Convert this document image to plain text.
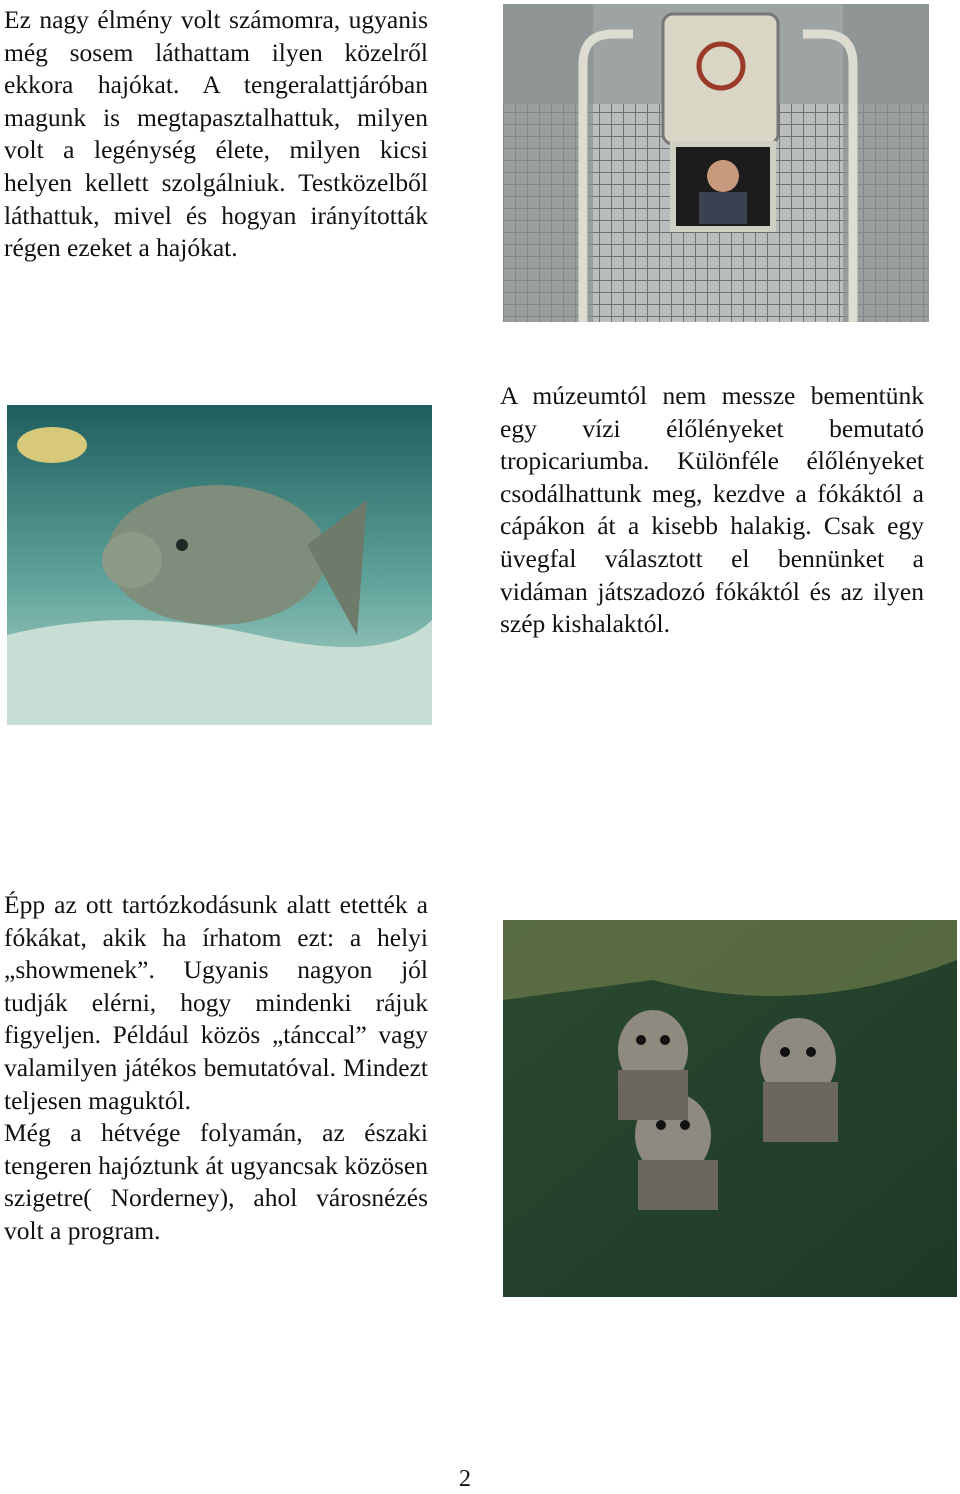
Ez nagy élmény volt számomra, ugyanis még sosem láthattam ilyen közelről ekkora hajókat. A tengeralattjáróban magunk is megtapasztalhattuk, milyen volt a legénység élete, milyen kicsi helyen kellett szolgálniuk. Testközelből láthattuk, mivel és hogyan irányították régen ezeket a hajókat.

A múzeumtól nem messze bementünk egy vízi élőlényeket bemutató tropicariumba. Különféle élőlényeket csodálhattunk meg, kezdve a fókáktól a cápákon át a kisebb halakig. Csak egy üvegfal választott el bennünket a vidáman játszadozó fókáktól és az ilyen szép kishalaktól.

Épp az ott tartózkodásunk alatt etették a fókákat, akik ha írhatom ezt: a helyi „showmenek”. Ugyanis nagyon jól tudják elérni, hogy mindenki rájuk figyeljen. Például közös „tánccal” vagy valamilyen játékos bemutatóval. Mindezt teljesen maguktól.

Még a hétvége folyamán, az északi tengeren hajóztunk át ugyancsak közösen szigetre( Norderney), ahol városnézés volt a program.

2
